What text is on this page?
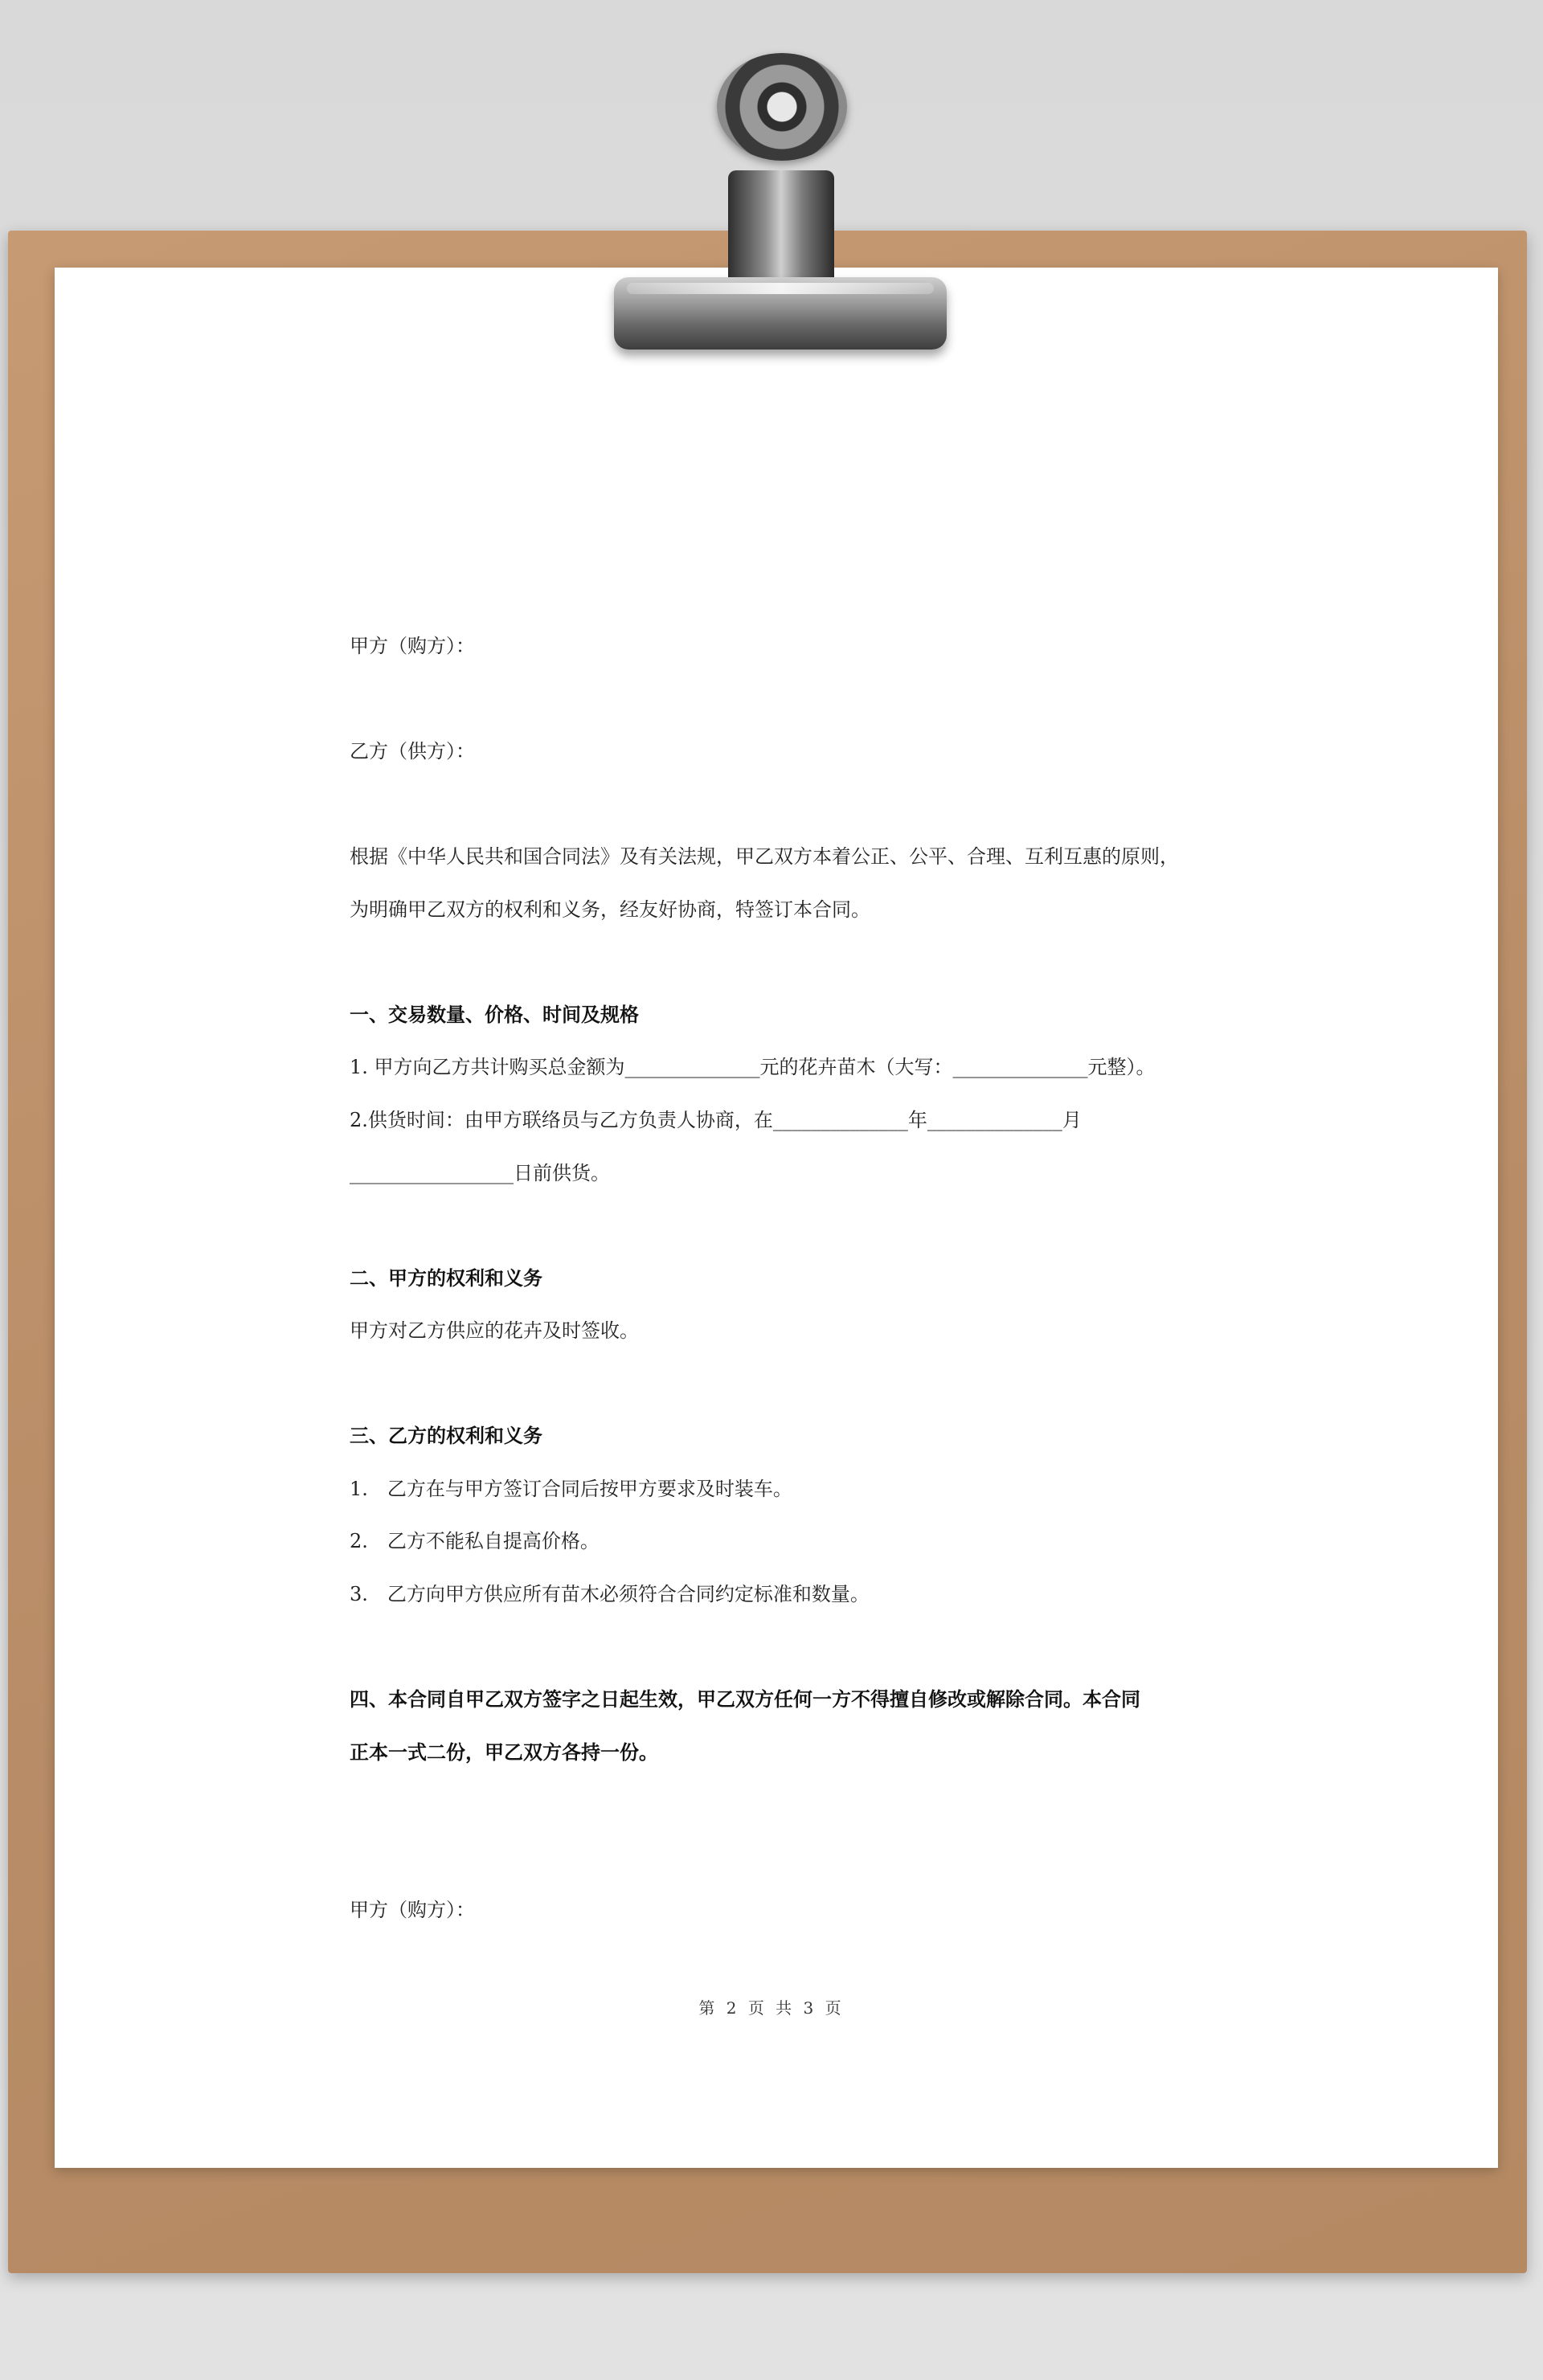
甲方（购方）：
乙方（供方）：
根据《中华人民共和国合同法》及有关法规，甲乙双方本着公正、公平、合理、互利互惠的原则，
为明确甲乙双方的权利和义务，经友好协商，特签订本合同。
一、交易数量、价格、时间及规格
1. 甲方向乙方共计购买总金额为______________元的花卉苗木（大写：______________元整）。
2.供货时间：由甲方联络员与乙方负责人协商，在______________年______________月
_________________日前供货。
二、甲方的权利和义务
甲方对乙方供应的花卉及时签收。
三、乙方的权利和义务
1.　乙方在与甲方签订合同后按甲方要求及时装车。
2.　乙方不能私自提高价格。
3.　乙方向甲方供应所有苗木必须符合合同约定标准和数量。
四、本合同自甲乙双方签字之日起生效，甲乙双方任何一方不得擅自修改或解除合同。本合同
正本一式二份，甲乙双方各持一份。
甲方（购方）：
第 2 页 共 3 页
